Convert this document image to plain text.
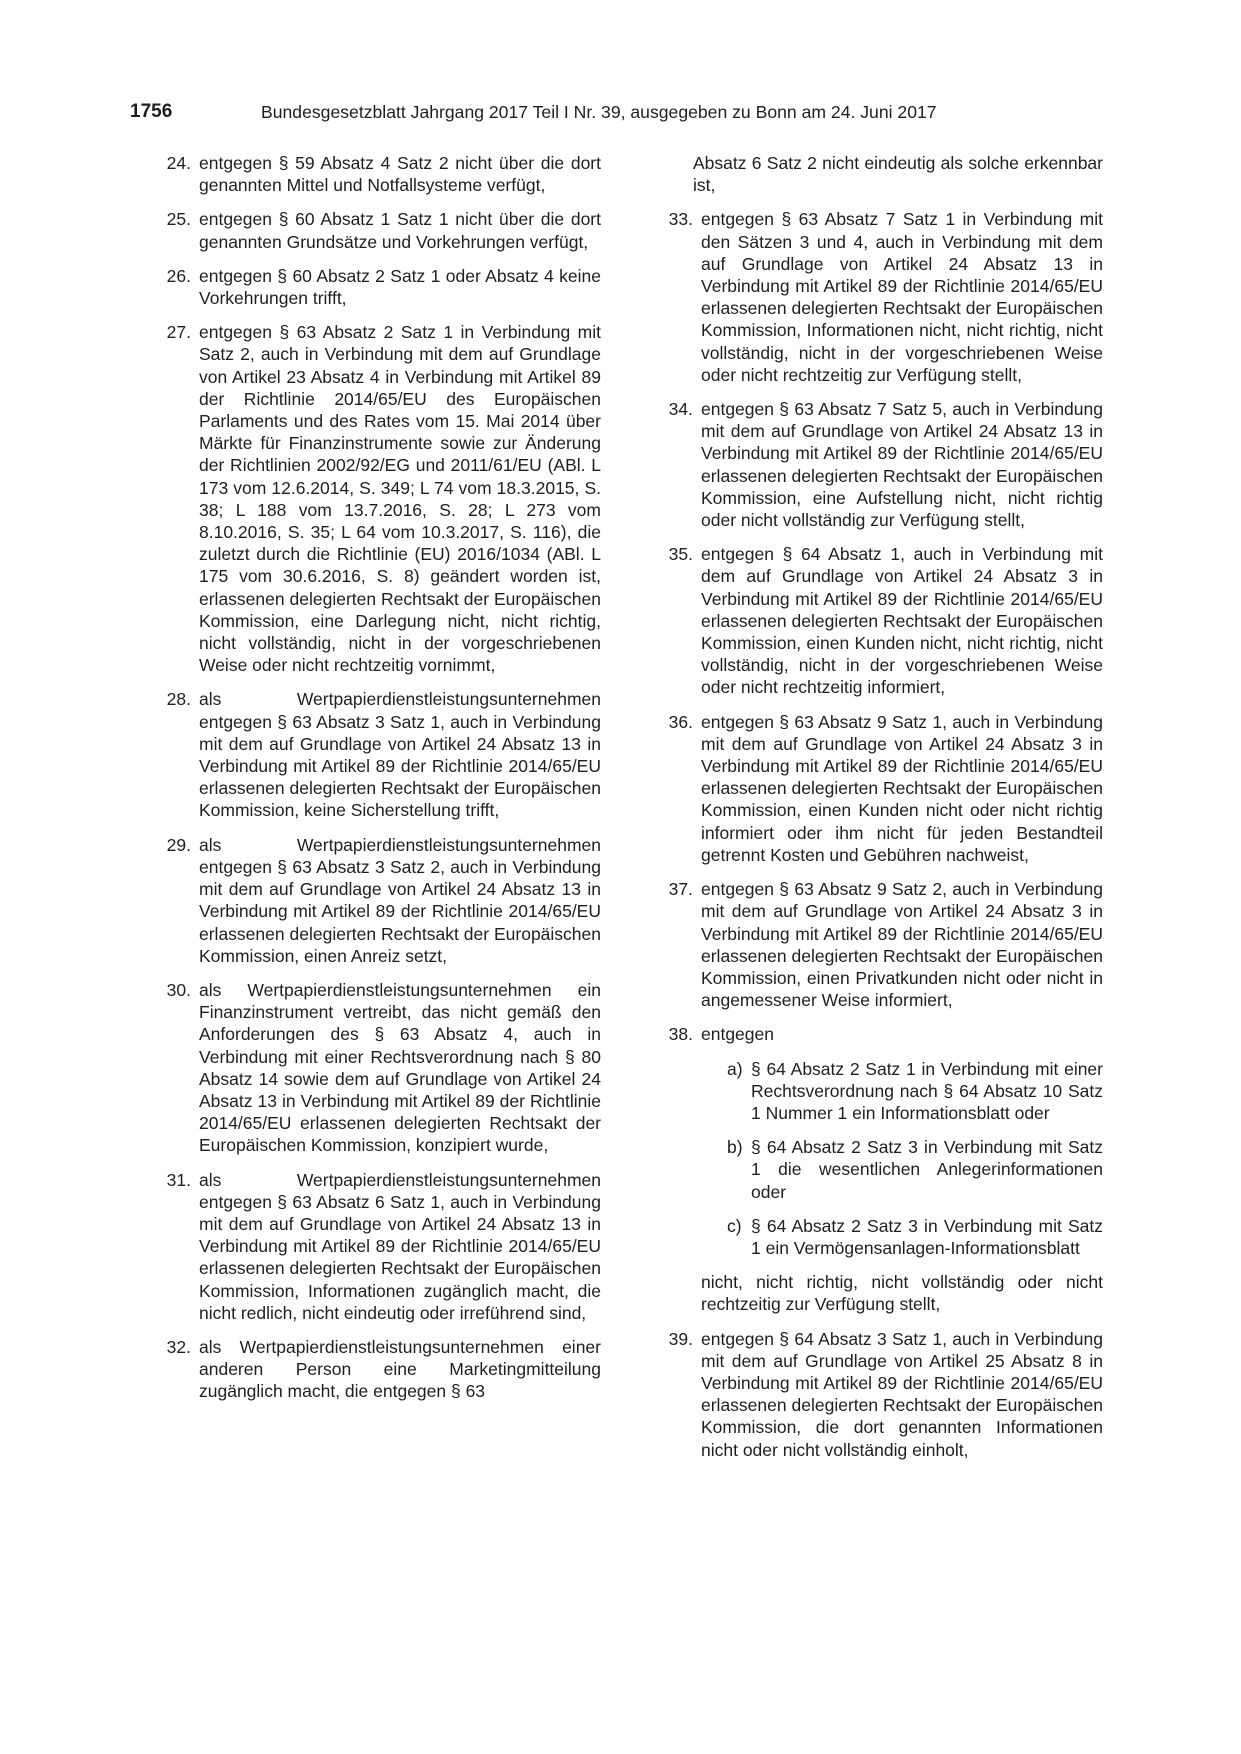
1756	Bundesgesetzblatt Jahrgang 2017 Teil I Nr. 39, ausgegeben zu Bonn am 24. Juni 2017
24. entgegen § 59 Absatz 4 Satz 2 nicht über die dort genannten Mittel und Notfallsysteme verfügt,
25. entgegen § 60 Absatz 1 Satz 1 nicht über die dort genannten Grundsätze und Vorkehrungen verfügt,
26. entgegen § 60 Absatz 2 Satz 1 oder Absatz 4 keine Vorkehrungen trifft,
27. entgegen § 63 Absatz 2 Satz 1 in Verbindung mit Satz 2, auch in Verbindung mit dem auf Grundlage von Artikel 23 Absatz 4 in Verbindung mit Artikel 89 der Richtlinie 2014/65/EU des Europäischen Parlaments und des Rates vom 15. Mai 2014 über Märkte für Finanzinstrumente sowie zur Änderung der Richtlinien 2002/92/EG und 2011/61/EU (ABl. L 173 vom 12.6.2014, S. 349; L 74 vom 18.3.2015, S. 38; L 188 vom 13.7.2016, S. 28; L 273 vom 8.10.2016, S. 35; L 64 vom 10.3.2017, S. 116), die zuletzt durch die Richtlinie (EU) 2016/1034 (ABl. L 175 vom 30.6.2016, S. 8) geändert worden ist, erlassenen delegierten Rechtsakt der Europäischen Kommission, eine Darlegung nicht, nicht richtig, nicht vollständig, nicht in der vorgeschriebenen Weise oder nicht rechtzeitig vornimmt,
28. als Wertpapierdienstleistungsunternehmen entgegen § 63 Absatz 3 Satz 1, auch in Verbindung mit dem auf Grundlage von Artikel 24 Absatz 13 in Verbindung mit Artikel 89 der Richtlinie 2014/65/EU erlassenen delegierten Rechtsakt der Europäischen Kommission, keine Sicherstellung trifft,
29. als Wertpapierdienstleistungsunternehmen entgegen § 63 Absatz 3 Satz 2, auch in Verbindung mit dem auf Grundlage von Artikel 24 Absatz 13 in Verbindung mit Artikel 89 der Richtlinie 2014/65/EU erlassenen delegierten Rechtsakt der Europäischen Kommission, einen Anreiz setzt,
30. als Wertpapierdienstleistungsunternehmen ein Finanzinstrument vertreibt, das nicht gemäß den Anforderungen des § 63 Absatz 4, auch in Verbindung mit einer Rechtsverordnung nach § 80 Absatz 14 sowie dem auf Grundlage von Artikel 24 Absatz 13 in Verbindung mit Artikel 89 der Richtlinie 2014/65/EU erlassenen delegierten Rechtsakt der Europäischen Kommission, konzipiert wurde,
31. als Wertpapierdienstleistungsunternehmen entgegen § 63 Absatz 6 Satz 1, auch in Verbindung mit dem auf Grundlage von Artikel 24 Absatz 13 in Verbindung mit Artikel 89 der Richtlinie 2014/65/EU erlassenen delegierten Rechtsakt der Europäischen Kommission, Informationen zugänglich macht, die nicht redlich, nicht eindeutig oder irreführend sind,
32. als Wertpapierdienstleistungsunternehmen einer anderen Person eine Marketingmitteilung zugänglich macht, die entgegen § 63
Absatz 6 Satz 2 nicht eindeutig als solche erkennbar ist,
33. entgegen § 63 Absatz 7 Satz 1 in Verbindung mit den Sätzen 3 und 4, auch in Verbindung mit dem auf Grundlage von Artikel 24 Absatz 13 in Verbindung mit Artikel 89 der Richtlinie 2014/65/EU erlassenen delegierten Rechtsakt der Europäischen Kommission, Informationen nicht, nicht richtig, nicht vollständig, nicht in der vorgeschriebenen Weise oder nicht rechtzeitig zur Verfügung stellt,
34. entgegen § 63 Absatz 7 Satz 5, auch in Verbindung mit dem auf Grundlage von Artikel 24 Absatz 13 in Verbindung mit Artikel 89 der Richtlinie 2014/65/EU erlassenen delegierten Rechtsakt der Europäischen Kommission, eine Aufstellung nicht, nicht richtig oder nicht vollständig zur Verfügung stellt,
35. entgegen § 64 Absatz 1, auch in Verbindung mit dem auf Grundlage von Artikel 24 Absatz 3 in Verbindung mit Artikel 89 der Richtlinie 2014/65/EU erlassenen delegierten Rechtsakt der Europäischen Kommission, einen Kunden nicht, nicht richtig, nicht vollständig, nicht in der vorgeschriebenen Weise oder nicht rechtzeitig informiert,
36. entgegen § 63 Absatz 9 Satz 1, auch in Verbindung mit dem auf Grundlage von Artikel 24 Absatz 3 in Verbindung mit Artikel 89 der Richtlinie 2014/65/EU erlassenen delegierten Rechtsakt der Europäischen Kommission, einen Kunden nicht oder nicht richtig informiert oder ihm nicht für jeden Bestandteil getrennt Kosten und Gebühren nachweist,
37. entgegen § 63 Absatz 9 Satz 2, auch in Verbindung mit dem auf Grundlage von Artikel 24 Absatz 3 in Verbindung mit Artikel 89 der Richtlinie 2014/65/EU erlassenen delegierten Rechtsakt der Europäischen Kommission, einen Privatkunden nicht oder nicht in angemessener Weise informiert,
38. entgegen
a) § 64 Absatz 2 Satz 1 in Verbindung mit einer Rechtsverordnung nach § 64 Absatz 10 Satz 1 Nummer 1 ein Informationsblatt oder
b) § 64 Absatz 2 Satz 3 in Verbindung mit Satz 1 die wesentlichen Anlegerinformationen oder
c) § 64 Absatz 2 Satz 3 in Verbindung mit Satz 1 ein Vermögensanlagen-Informationsblatt
nicht, nicht richtig, nicht vollständig oder nicht rechtzeitig zur Verfügung stellt,
39. entgegen § 64 Absatz 3 Satz 1, auch in Verbindung mit dem auf Grundlage von Artikel 25 Absatz 8 in Verbindung mit Artikel 89 der Richtlinie 2014/65/EU erlassenen delegierten Rechtsakt der Europäischen Kommission, die dort genannten Informationen nicht oder nicht vollständig einholt,
